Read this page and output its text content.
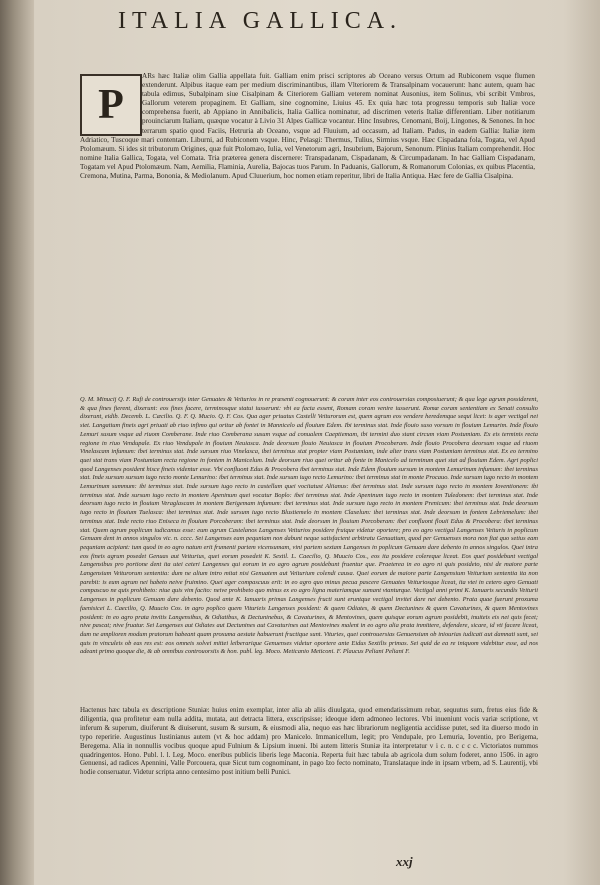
ITALIA GALLICA.
P
ARs hæc Italiæ olim Gallia appellata fuit. Galliam enim prisci scriptores ab Oceano versus Ortum ad Rubiconem vsque flumen extenderunt. Alpibus itaque eam per medium discriminantibus, illam Vlteriorem & Transalpinam vocauerunt: hanc autem, quam hac tabula edimus, Subalpinam siue Cisalpinam & Citeriorem Galliam veterem nominat Ausonius, item Solinus, vbi scribit Vmbros, Gallorum veterem propaginem. Et Galliam, sine cognomine, Liuius 45. Ex quia hæc tota progressu temporis sub Italiæ voce comprehensa fuerit, ab Appiano in Annibalicis, Italia Gallica nominatur, ad discrimen veteris Italiæ differentiam. Liber notitiarum prouinciarum Italiam, quæque vocatur à Livio 31 Alpes Gallicæ vocantur. Hinc Insubres, Cenomani, Boij, Lingones, & Senones. In hoc terrarum spatio quod Faciis, Hetruria ab Oceano, vsque ad Fluuium, ad occasum, ad Italiam. Padus, in eadem Gallia: Italiæ item Adriatico, Tuscoque mari contentam. Liburni, ad Rubiconem vsque. Hinc, Pelasgi: Thermus, Tulius, Sirmius vsque. Hæc Cispadana fola, Togata, vel Apud Ptolomæum. Si ides sit tributorum Origines, quæ fuit Ptolomæo, Iulia, vel Venetorum agri, Insubrium, Bajorum, Senonum. Plinius Italiam comprehendit. Hoc nomine Italia Gallica, Togata, vel Comata. Tria præterea genera discernere: Transpadanam, Cispadanam, & Circumpadanam. In hac Galliam Cispadanam, Togatam vel Apud Ptolomæum. Nam, Aemilia, Flaminia, Aurelia, Bajocas tuos Parum. In Paduanis, Gallorum, & Romanorum Colonias, ex quibus Placentia, Cremona, Mutina, Parma, Bononia, & Mediolanum. Apud Cluuerium, hoc nomen etiam reperitur, libri de Italia Antiqua. Hæc fere de Gallia Cisalpina.
Q. M. Minucij Q. F. Rufi de controuersijs inter Genuates & Veiturios in re præsenti cognouerunt: & coram inter eos controuersias composiuerunt; & qua lege agrum possiderent, & qua fines fierent, dixerunt: eos fines facere, terminosque statui iusserunt: vbi ea facta essent, Romam coram venire iusserunt. Romæ coram sententiam ex Senati consulto dixerunt, eidib. Decemb. L. Cæcilio. Q. F. Q. Mucio. Q. F. Cos. Qua ager priuatus Castelli Veiturorum est, quem agrum eos vendere heredemque sequi licet: is ager vectigal nei siet. Langatium fineis agri priuati ab riuo infimo qui oritur ab fontei in Mannicelo ad flouium Edem. Ibi terminus stat. Inde flouio suso vorsum in flouium Lemurim. Inde flouio Lemuri susum vsque ad riuom Comberane. Inde riuo Comberana susum vsque ad conualem Caeptiemam, ibi termini duo stant circum viam Postumiam. Ex eis terminis recta regione in riuo Vendupale. Ex riuo Vendupale in flouium Neuiasca. Inde deorsum flouio Neuiasca in flouium Procoberam. Inde flouio Procobera deorsum vsque ad riuom Vinelascam infumum: ibei terminus stat. Inde sursum riuo Vinelasca, ibei terminus stat propter viam Postumiam, inde alter trans viam Postumiam terminus stat. Ex eo termino quei stat trans viam Postumiam recta regione in fontem in Manicelum. Inde deorsum riuo quei oritur ab fonte in Manicelo ad terminum quei stat ad flouium Edem. Agri poplici quod Langenses posident hisce fineis videntur esse. Vbi confluont Edus & Procobera ibei terminus stat. Inde Edem flouium sursum in montem Lemurinum infumum: ibei terminus stat. Inde sursum sursum iugo recto monte Lemurino: ibei terminus stat. Inde sursum iugo recto Lemurino: ibei terminus stat in monte Procauo. Inde sursum iugo recto in montem Lemurinum summum: ibi terminus stat. Inde sursum iugo recto in castellum quei vocitatust Aliianus: ibei terminus stat. Inde sursum iugo recto in montem Ioventionem: ibi terminus stat. Inde sursum iugo recto in montem Apeninum quei vocatur Boplo: ibei terminus stat. Inde Apeninum iugo recto in montem Tuledonem: ibei terminus stat. Inde deorsum iugo recto in flouium Veraglascam in montem Berigemam infumum: ibei terminus stat. Inde sursum iugo recto in montem Prenicum: ibei terminus stat. Inde deorsum iugo recto in flouium Tuelasca: ibei terminus stat. Inde sursum iugo recto Blustiemelo in montem Claxelum: ibei terminus stat. Inde deorsum in fontem Lebriemelum: ibei terminus stat. Inde recto riuo Eniseca in flouium Porcoberam: ibei terminus stat. Inde deorsum in flouium Porcoberam: ibei confluont flouii Edus & Procobera: ibei terminus stat. Quem agrum poplicum iudicamus esse: eum agrum Castelanos Langenses Veiturios posidere fruique videtur oportere; pro eo agro vectigal Langenses Veituris in poplicum Genuam dent in annos singulos vic. n. cccc. Sei Langenses eam pequniam non dabunt neque satisfacient arbitratu Genuatium, quod per Genuenses mora non fiat quo setius eam pequniam acipiant: tum quod in eo agro natum erit frumenti partem vicensumam, vini partem sextam Langenses in poplicum Genuam dare debento in annos singulos. Quei intra eos fineis agrum posedet Genuas aut Veiturius, quei eorum posedeit K. Sextil. L. Caecilio, Q. Muucio Cos., eos ita posidere colereque liceat. Eos quei posidebunt vectigal Langensibus pro portione dent ita utei ceteri Langenses qui eorum in eo agro agrum posidebunt fruentur que. Praeterea in eo agro ni quis posideto, nisi de maiore parte Langensium Veiturorum sententia: dum ne alium intro mitat nisi Genuatem aut Veiturium colendi causa. Quei eorum de maiore parte Langensium Veiturium sententia ita non parebit: is eum agrum nei habeto neive fruimino. Quei ager compascuus erit: in eo agro quo minus pecua pascere Genuates Veituriosque liceat, ita vtei in cetero agro Genuati compascuo ne quis prohibeto: niue quis vim facito: neive prohibeto quo minus ex eo agro ligna materiamque sumant vtanturque. Vectigal anni primi K. Ianuaris secundis Veiturii Langenses in poplicum Genuam dare debento. Quod ante K. Ianuaris primas Langenses fructi sunt eruntque vectigal invitei dare nei debento. Prata quae fuerunt proxuma faenisicei L. Caecilio, Q. Muucio Cos. in agro poplico quem Viturieis Langenses posident: & quem Odiates, & quem Dectunines & quem Cavaturines, & quem Mentovines posident: in eo agro prata invitis Langensibus, & Odiatibus, & Dectuninebus, & Cavaturines, & Mentovines, quem quisque eorum agrum posidebit, inuiteis eis nei quis fecet; nive pascat; nive fruatur. Sei Langenses aut Odiates aut Dectunines aut Cavaturines aut Mentovines malent in eo agro alia prata inmittere, defendere, sicare, id vti facere liceat, dum ne amplioren modum pratorum habeant quam proxuma aestate habuerunt fructique sunt. Vituries, quei controuersias Genuensium ob iniourias iudicati aut damnati sunt, sei quis in vinculeis ob eas res est: eos omneis solvei mittei leiberarique Genuenses videtur oportere ante Eidus Sextilis primas. Sei quid de ea re iniquom videbitur esse, ad nos adeant primo quoque die, & ab omnibus controuorsiis & hon. publ. leg. Moco. Meticanio Meticoni. F. Plaucus Peliani Peliani F.
Hactenus hæc tabula ex descriptione Stuniæ: huius enim exemplar, inter alia ab aliis diuulgata, quod emendatissimum rebar, sequutus sum, fretus eius fide & diligentia, qua profitetur eam nulla addita, mutata, aut detracta littera, exscripsisse; ideoque idem admoneo lectores. Vbi inueniunt vocis variæ scriptione, vt inferum & superum, diuiferunt & diuiserunt, susum & sursum, & eiusmodi alia, nequo eas hæc librariorum negligentia accidisse putet, sed ita diuerso modo in typo reperirie. Augustinus Iustinianus autem (vt & hoc addam) pro Manicelo. Immanicellum, legit; pro Vendupale, pro Lemuria, Ioventio, pro Berigema, Beregema. Alia in nonnullis vocibus quoque apud Fulnium & Lipsium inueni. Ibi autem litteris Stuniæ ita interpretatur v i c. n. c c c c. Victoriatos nummos quadringentos. Hono. Publ. l. l. Leg. Moco. eneribus publicis liberis lege Maconia. Reperta fuit hæc tabula ab agricola dum solum foderet, anno 1506. in agro Genuensi, ad radices Apennini, Valle Porcouera, quæ Sicut tum cognominant, in pago Izo fecto nominato, Translataque inde in ipsam vrbem, ad S. Laurentij, vbi hodie conseruatur. Videtur scripta anno centesimo post initium belli Punici.
xxj
